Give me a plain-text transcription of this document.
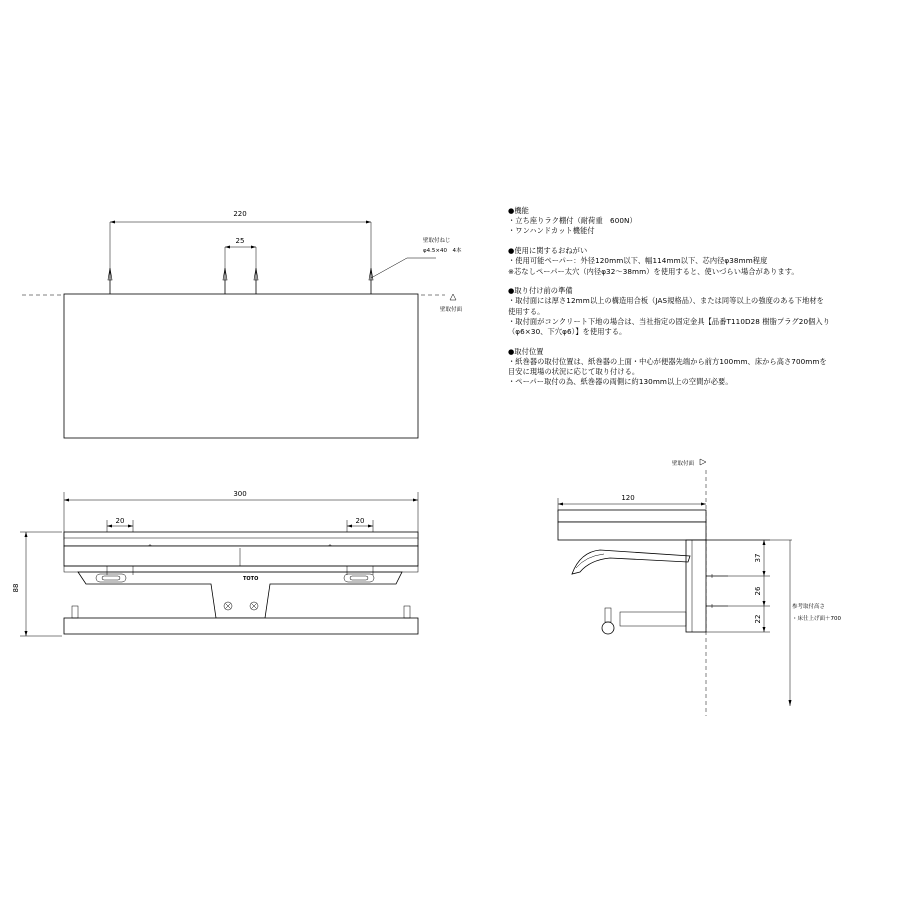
220
25	壁取付ねじ
φ4.5×40　4本
壁取付面
300
88
20	20
TOTO
壁取付面
120
37
26
22
参考取付高さ
・床仕上げ面＋700
●機能
・立ち座りラク棚付（耐荷重　600N）
・ワンハンドカット機能付
●使用に関するおねがい
・使用可能ペーパー：外径120mm以下、幅114mm以下、芯内径φ38mm程度
※芯なしペーパー太穴（内径φ32～38mm）を使用すると、使いづらい場合があります。
●取り付け前の準備
・取付面には厚さ12mm以上の構造用合板（JAS規格品）、または同等以上の強度のある下地材を
使用する。
・取付面がコンクリート下地の場合は、当社指定の固定金具【品番T110D28 樹脂プラグ20個入り
（φ6×30、下穴φ6）】を使用する。
●取付位置
・紙巻器の取付位置は、紙巻器の上面・中心が便器先端から前方100mm、床から高さ700mmを
目安に現場の状況に応じて取り付ける。
・ペーパー取付の為、紙巻器の両側に約130mm以上の空間が必要。
